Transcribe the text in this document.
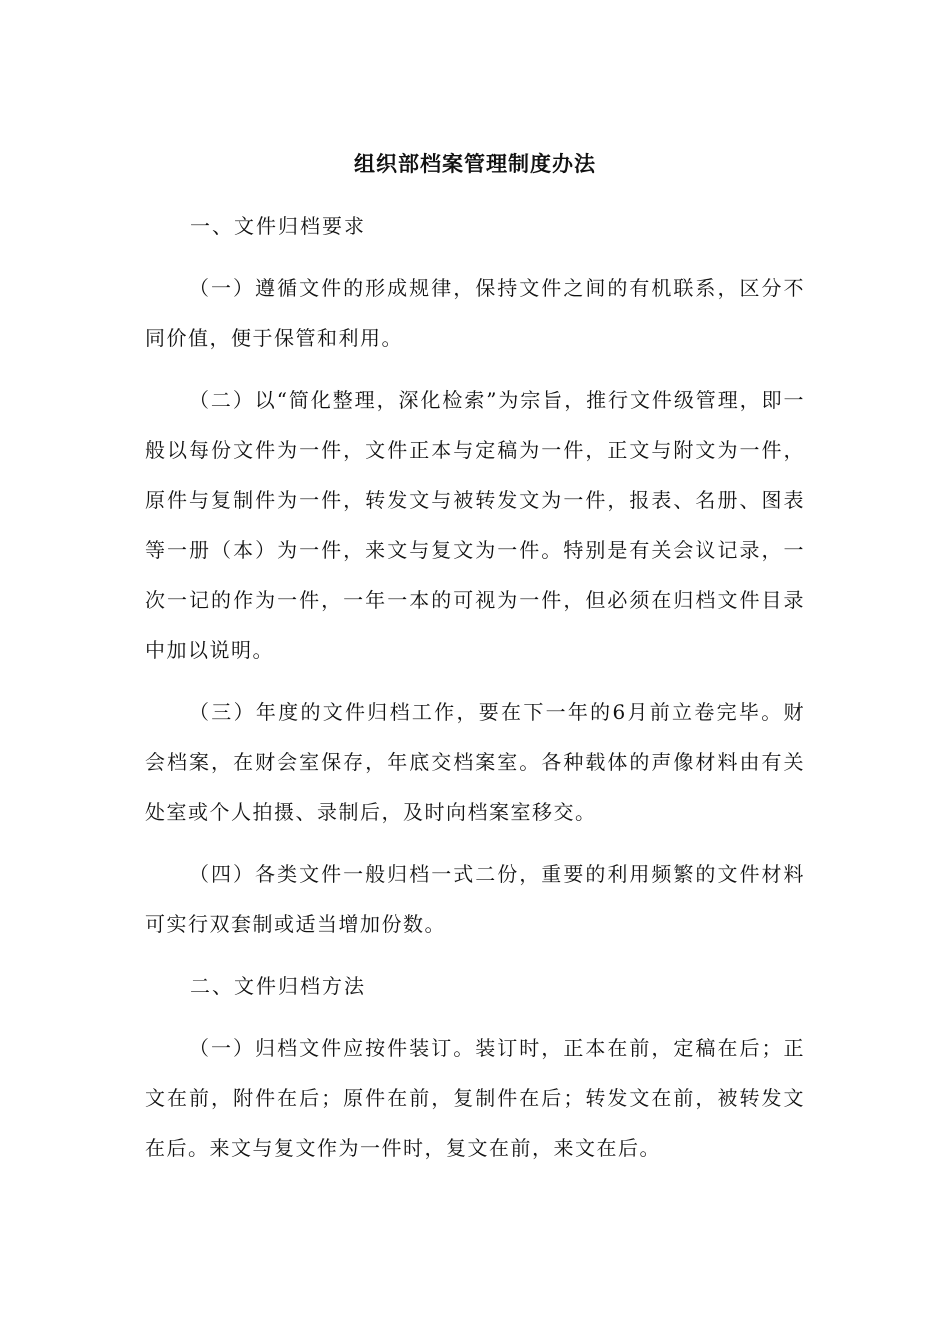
组织部档案管理制度办法
一、文件归档要求

（一）遵循文件的形成规律，保持文件之间的有机联系，区分不同价值，便于保管和利用。

（二）以“简化整理，深化检索”为宗旨，推行文件级管理，即一般以每份文件为一件，文件正本与定稿为一件，正文与附文为一件，原件与复制件为一件，转发文与被转发文为一件，报表、名册、图表等一册（本）为一件，来文与复文为一件。特别是有关会议记录，一次一记的作为一件，一年一本的可视为一件，但必须在归档文件目录中加以说明。

（三）年度的文件归档工作，要在下一年的6月前立卷完毕。财会档案，在财会室保存，年底交档案室。各种载体的声像材料由有关处室或个人拍摄、录制后，及时向档案室移交。

（四）各类文件一般归档一式二份，重要的利用频繁的文件材料可实行双套制或适当增加份数。

二、文件归档方法

（一）归档文件应按件装订。装订时，正本在前，定稿在后；正文在前，附件在后；原件在前，复制件在后；转发文在前，被转发文在后。来文与复文作为一件时，复文在前，来文在后。
